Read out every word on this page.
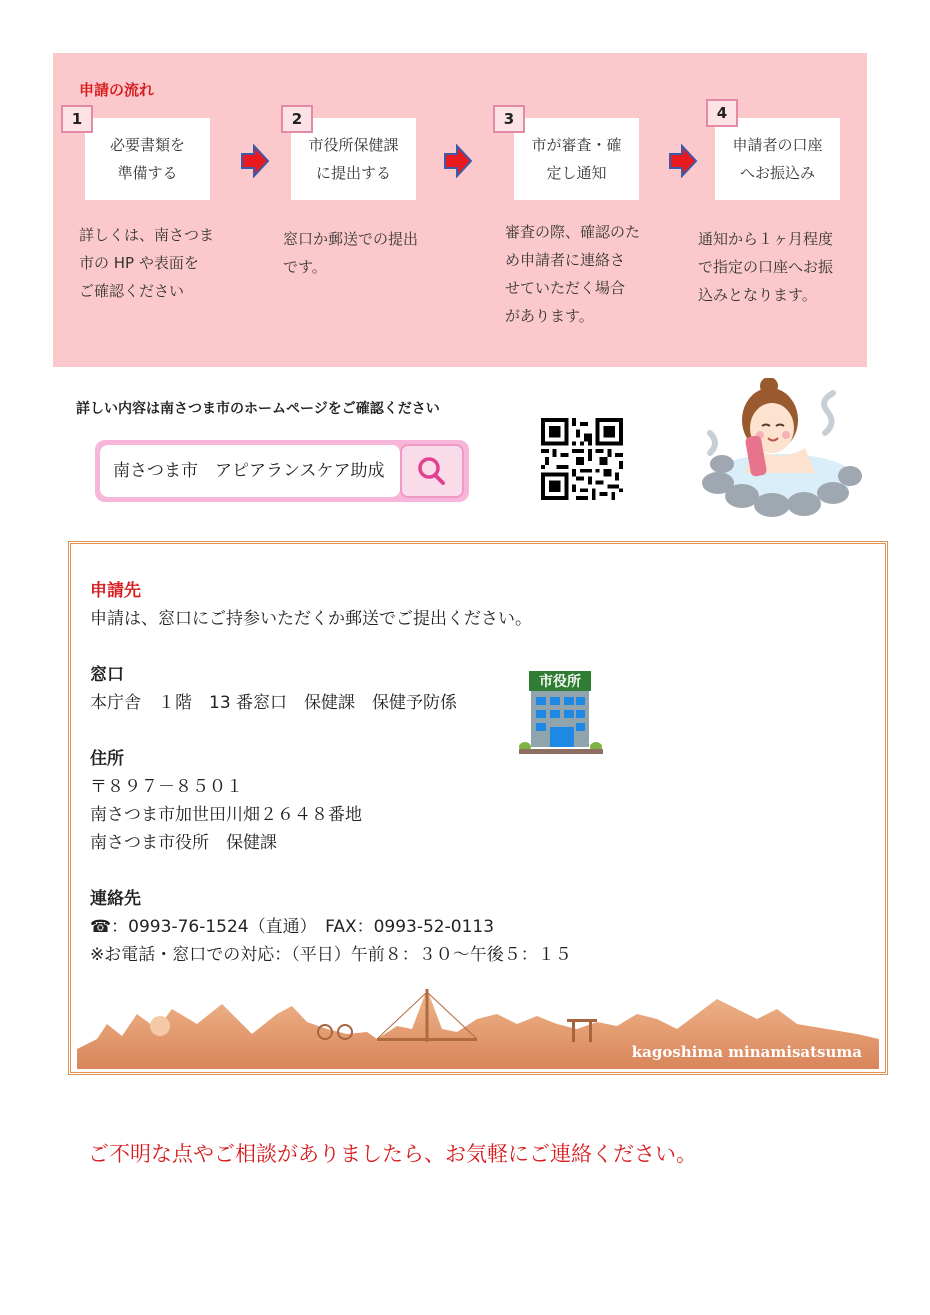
申請の流れ
必要書類を
準備する
1
詳しくは、南さつま
市の HP や表面を
ご確認ください
市役所保健課
に提出する
2
窓口か郵送での提出
です。
市が審査・確
定し通知
3
審査の際、確認のた
め申請者に連絡さ
せていただく場合
があります。
申請者の口座
へお振込み
4
通知から１ヶ月程度
で指定の口座へお振
込みとなります。
詳しい内容は南さつま市のホームページをご確認ください
南さつま市　アピアランスケア助成
申請先
申請は、窓口にご持参いただくか郵送でご提出ください。
窓口
本庁舎　１階　13 番窓口　保健課　保健予防係
市役所
住所
〒８９７－８５０１
南さつま市加世田川畑２６４８番地
南さつま市役所　保健課
連絡先
☎：0993-76-1524（直通）　FAX：0993-52-0113
※お電話・窓口での対応：（平日）午前８：３０～午後５：１５
kagoshima minamisatsuma
ご不明な点やご相談がありましたら、お気軽にご連絡ください。
